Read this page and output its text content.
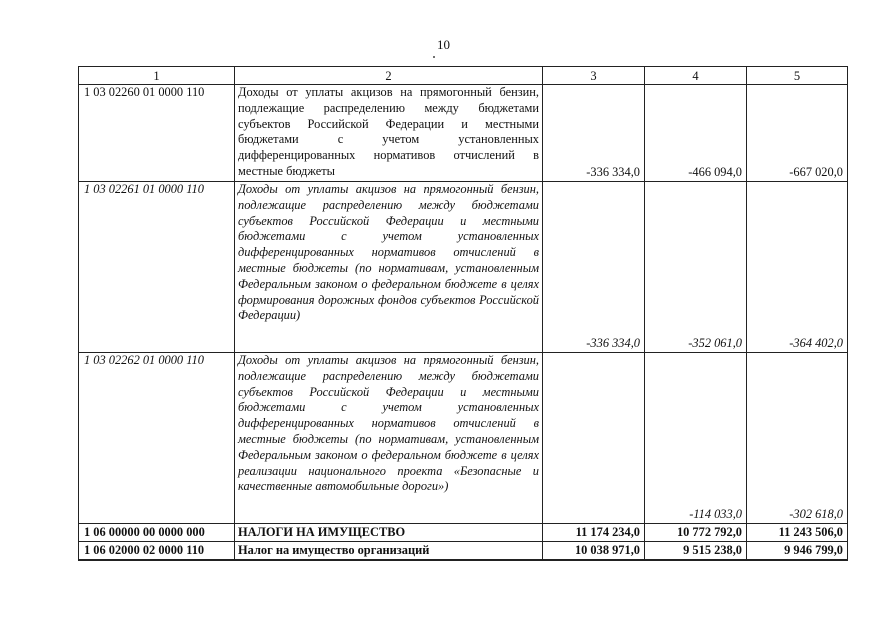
10
1	2	3	4	5
1 03 02260 01 0000 110	Доходы от уплаты акцизов на прямогонный бензин, подлежащие распределению между бюджетами субъектов Российской Федерации и местными бюджетами с учетом установленных дифференцированных нормативов отчислений в местные бюджеты	-336 334,0	-466 094,0	-667 020,0
1 03 02261 01 0000 110	Доходы от уплаты акцизов на прямогонный бензин, подлежащие распределению между бюджетами субъектов Российской Федерации и местными бюджетами с учетом установленных дифференцированных нормативов отчислений в местные бюджеты (по нормативам, установленным Федеральным законом о федеральном бюджете в целях формирования дорожных фондов субъектов Российской Федерации)	-336 334,0	-352 061,0	-364 402,0
1 03 02262 01 0000 110	Доходы от уплаты акцизов на прямогонный бензин, подлежащие распределению между бюджетами субъектов Российской Федерации и местными бюджетами с учетом установленных дифференцированных нормативов отчислений в местные бюджеты (по нормативам, установленным Федеральным законом о федеральном бюджете в целях реализации национального проекта «Безопасные и качественные автомобильные дороги»)		-114 033,0	-302 618,0
1 06 00000 00 0000 000	НАЛОГИ НА ИМУЩЕСТВО	11 174 234,0	10 772 792,0	11 243 506,0
1 06 02000 02 0000 110	Налог на имущество организаций	10 038 971,0	9 515 238,0	9 946 799,0
